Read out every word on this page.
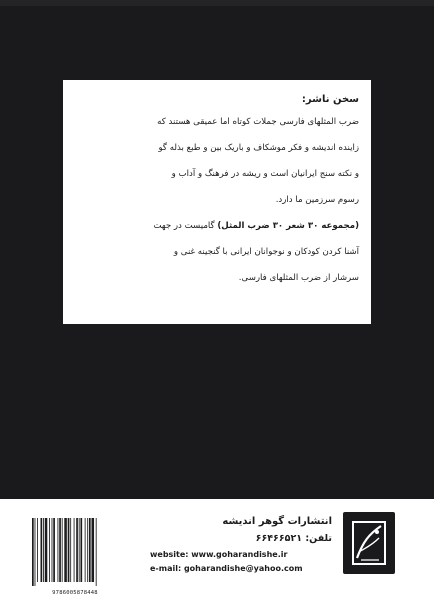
سخن ناشر:
ضرب المثلهای فارسی جملات کوتاه اما عمیقی هستند که
زاینده اندیشه و فکر موشکاف و باریک بین و طبع بذله گو
و نکته سنج ایرانیان است و ریشه در فرهنگ و آداب و
رسوم سرزمین ما دارد.
(مجموعه ۳۰ شعر ۳۰ ضرب المثل) گامیست در جهت
آشنا کردن کودکان و نوجوانان ایرانی با گنجینه غنی و
سرشار از ضرب المثلهای فارسی.
9786005878448
انتشارات گوهر اندیشه
تلفن: ۶۶۴۶۶۵۲۱
website: www.goharandishe.ir
e-mail: goharandishe@yahoo.com
